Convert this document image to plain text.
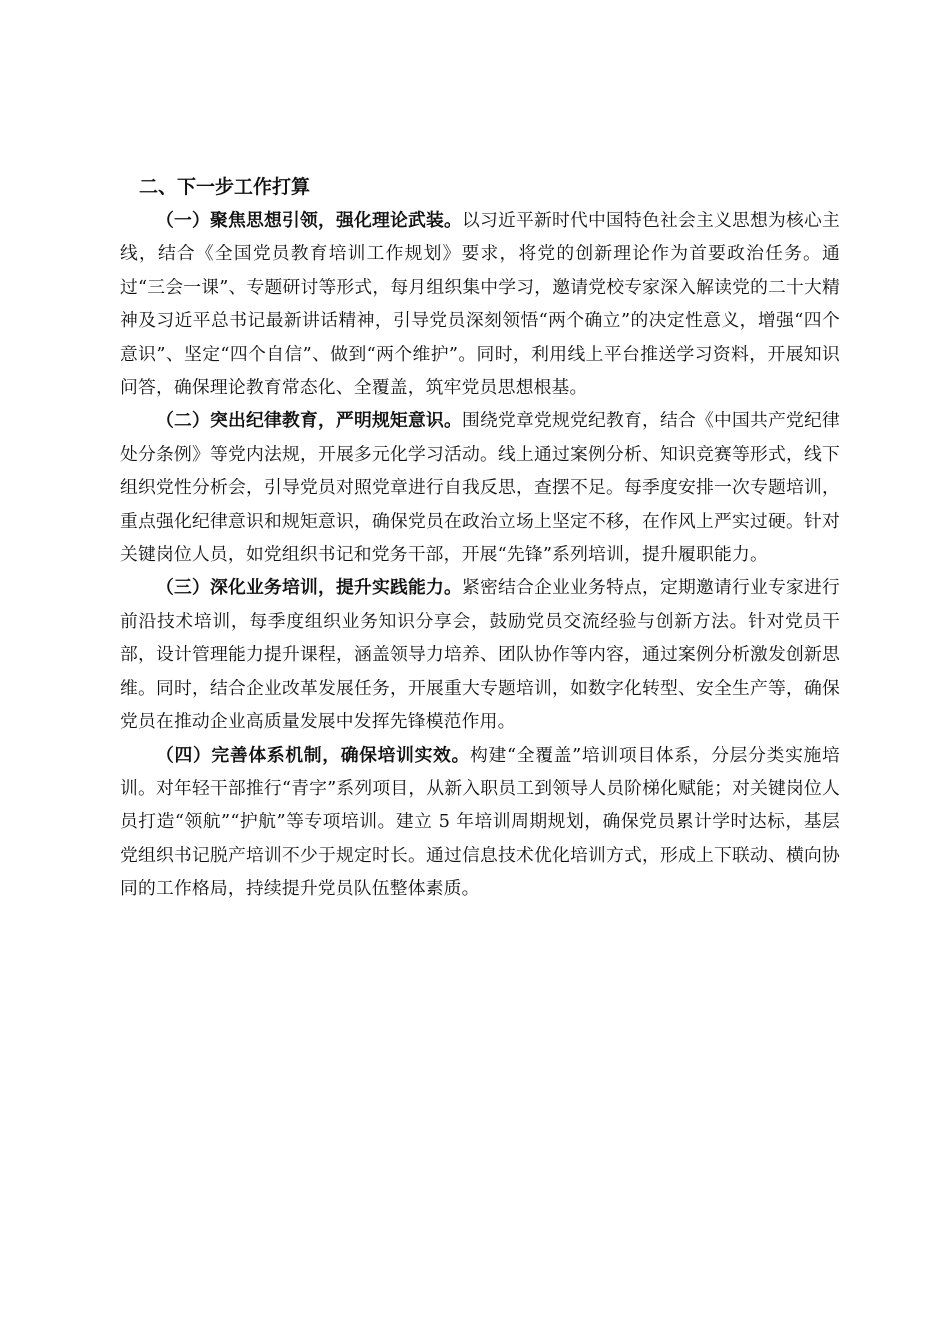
二、下一步工作打算

（一）聚焦思想引领，强化理论武装。以习近平新时代中国特色社会主义思想为核心主线，结合《全国党员教育培训工作规划》要求，将党的创新理论作为首要政治任务。通过“三会一课”、专题研讨等形式，每月组织集中学习，邀请党校专家深入解读党的二十大精神及习近平总书记最新讲话精神，引导党员深刻领悟“两个确立”的决定性意义，增强“四个意识”、坚定“四个自信”、做到“两个维护”。同时，利用线上平台推送学习资料，开展知识问答，确保理论教育常态化、全覆盖，筑牢党员思想根基。

（二）突出纪律教育，严明规矩意识。围绕党章党规党纪教育，结合《中国共产党纪律处分条例》等党内法规，开展多元化学习活动。线上通过案例分析、知识竞赛等形式，线下组织党性分析会，引导党员对照党章进行自我反思，查摆不足。每季度安排一次专题培训，重点强化纪律意识和规矩意识，确保党员在政治立场上坚定不移，在作风上严实过硬。针对关键岗位人员，如党组织书记和党务干部，开展“先锋”系列培训，提升履职能力。

（三）深化业务培训，提升实践能力。紧密结合企业业务特点，定期邀请行业专家进行前沿技术培训，每季度组织业务知识分享会，鼓励党员交流经验与创新方法。针对党员干部，设计管理能力提升课程，涵盖领导力培养、团队协作等内容，通过案例分析激发创新思维。同时，结合企业改革发展任务，开展重大专题培训，如数字化转型、安全生产等，确保党员在推动企业高质量发展中发挥先锋模范作用。

（四）完善体系机制，确保培训实效。构建“全覆盖”培训项目体系，分层分类实施培训。对年轻干部推行“青字”系列项目，从新入职员工到领导人员阶梯化赋能；对关键岗位人员打造“领航”“护航”等专项培训。建立 5 年培训周期规划，确保党员累计学时达标，基层党组织书记脱产培训不少于规定时长。通过信息技术优化培训方式，形成上下联动、横向协同的工作格局，持续提升党员队伍整体素质。
